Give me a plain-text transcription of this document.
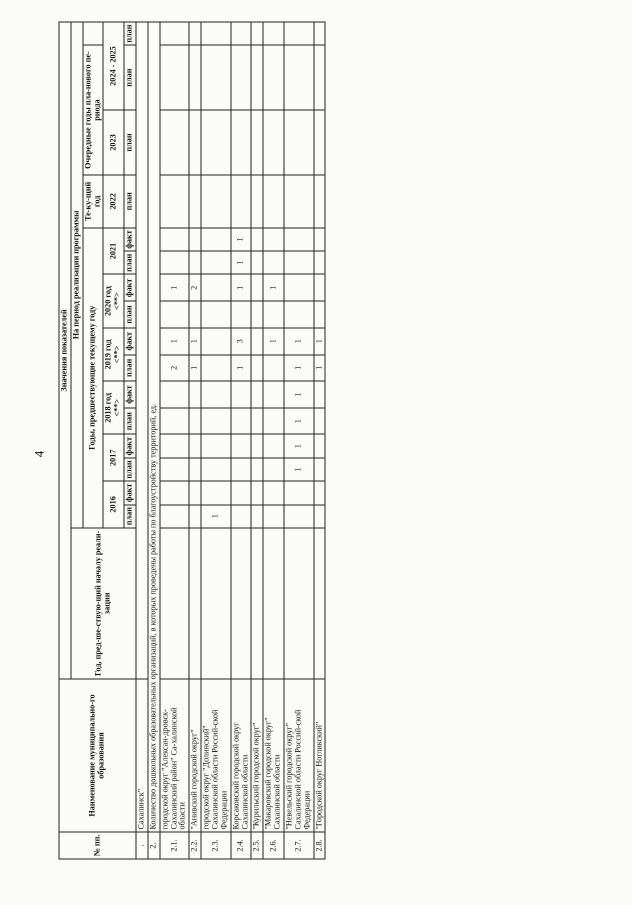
4
№ пп.	Наименование муниципально-го образования	Значения показателей																
		Год, пред-ше-ствую-щий началу реали-зации	На период реализации программы															
			Годы, предшествующие текущему году												Те-ку-щий год	Очередные годы пла-нового пе-риода		
			2016		2017		2018 год <**>		2019 год <**>		2020 год <**>		2021		2022	2023	2024 - 2025	
			план	факт	план	факт	план	факт	план	факт	план	факт	план	факт	план	план	план	план
.	Сахалинск"																	
2.	Количество дошкольных образовательных организаций, в которых проведены работы по благоустройству территорий, ед.																	
2.1.	городской округ "Алексан-дровск-Сахалинский район" Са-халинской области								2	1		1						
2.2.	"Анивский городской округ"								1	1		2						
2.3.	городской округ "Долинский" Сахалинской области Россий-ской Федерации		1															
2.4.	Корсаковский городской округ Сахалинской области								1	3		1	1	1				
2.5.	"Курильский городской округ"																	
2.6.	"Макаровский городской округ" Сахалинской области									1		1						
2.7.	"Невельский городской округ" Сахалинской области Россий-ской Федерации				1	1	1	1	1	1								
2.8.	"Городской округ Ногликский"								1	1								
